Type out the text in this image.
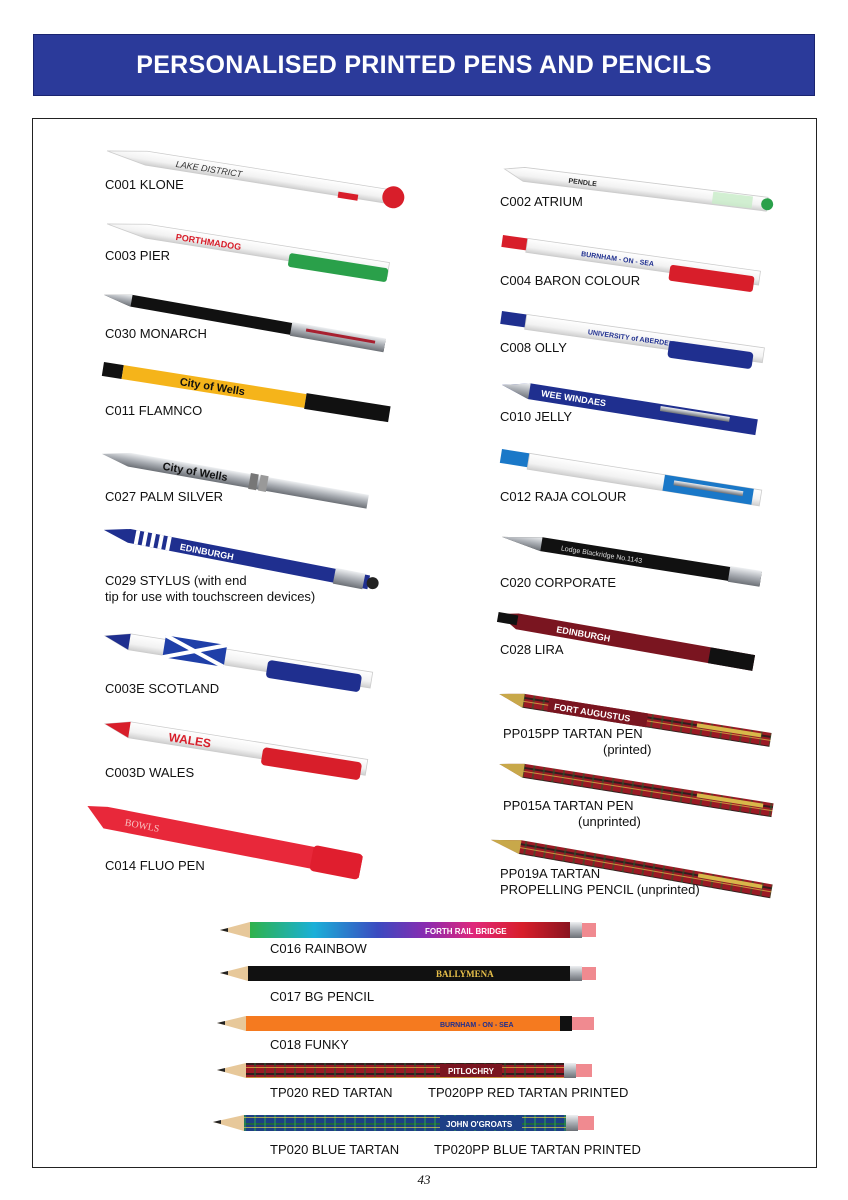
PERSONALISED PRINTED PENS AND PENCILS
LAKE DISTRICT
PORTHMADOG
City of Wells
City of Wells
EDINBURGH
WALES
BOWLS
PENDLE
BURNHAM - ON - SEA
UNIVERSITY of ABERDEEN
WEE WINDAES
Lodge Blackridge No.1143
EDINBURGH
FORT AUGUSTUS
FORTH RAIL BRIDGE
BALLYMENA
BURNHAM - ON - SEA
PITLOCHRY
JOHN O'GROATS
C001 KLONE
C003 PIER
C030 MONARCH
C011 FLAMNCO
C027 PALM SILVER
C029 STYLUS (with end
tip for use with touchscreen devices)
C003E SCOTLAND
C003D WALES
C014 FLUO PEN
C002 ATRIUM
C004 BARON COLOUR
C008 OLLY
C010 JELLY
C012 RAJA COLOUR
C020 CORPORATE
C028 LIRA
PP015PP TARTAN PEN
(printed)
PP015A TARTAN PEN
(unprinted)
PP019A TARTAN
PROPELLING PENCIL (unprinted)
C016 RAINBOW
C017 BG PENCIL
C018 FUNKY
TP020 RED TARTAN	TP020PP RED TARTAN PRINTED
TP020 BLUE TARTAN	TP020PP BLUE TARTAN PRINTED
43
